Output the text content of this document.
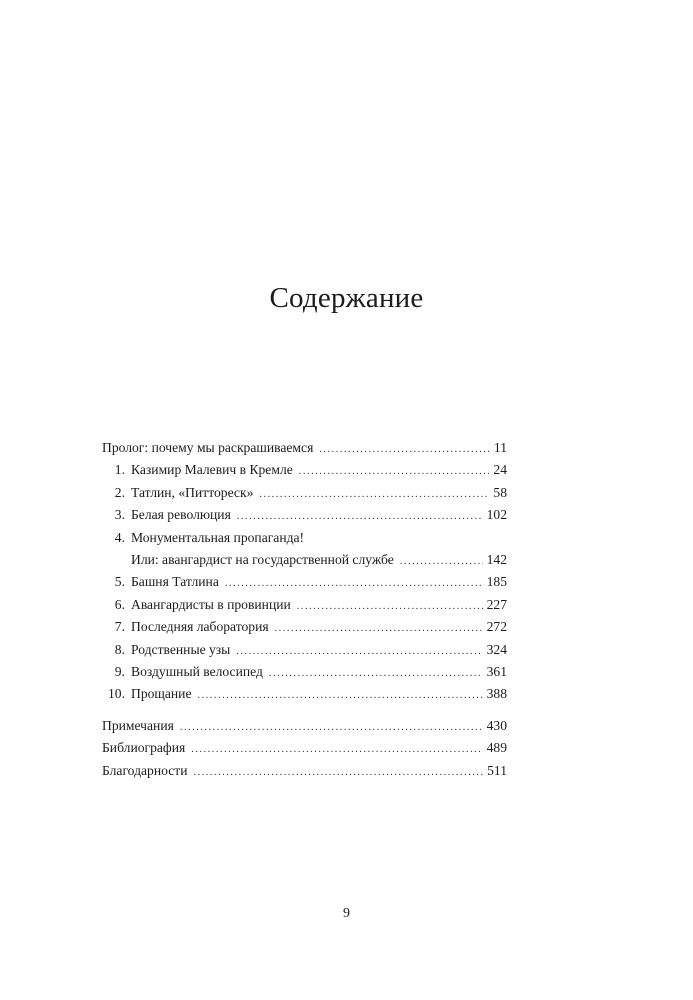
Содержание
Пролог: почему мы раскрашиваемся .....	11
1. Казимир Малевич в Кремле .....	24
2. Татлин, «Питтореск» .....	58
3. Белая революция .....	102
4. Монументальная пропаганда!
Или: авангардист на государственной службе .....	142
5. Башня Татлина .....	185
6. Авангардисты в провинции .....	227
7. Последняя лаборатория .....	272
8. Родственные узы .....	324
9. Воздушный велосипед .....	361
10. Прощание .....	388
Примечания .....	430
Библиография .....	489
Благодарности .....	511
9
